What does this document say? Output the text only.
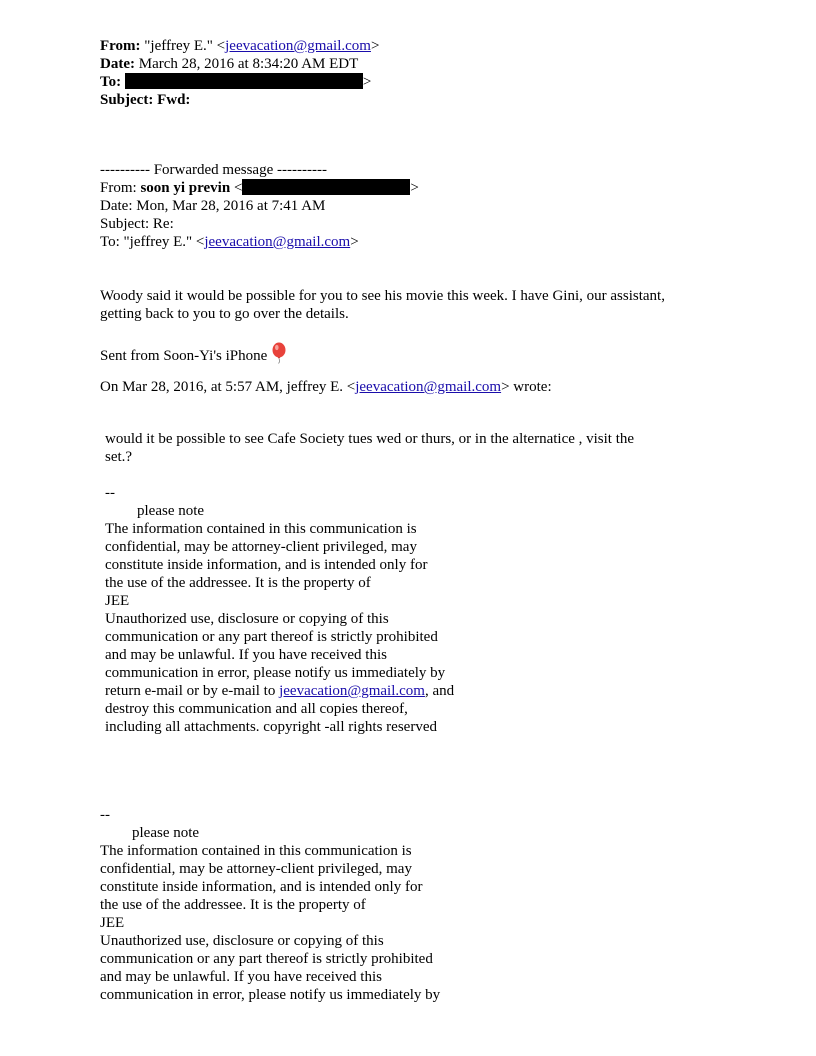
From: "jeffrey E." <jeevacation@gmail.com>
Date: March 28, 2016 at 8:34:20 AM EDT
To:	>
Subject: Fwd:
---------- Forwarded message ----------
From: soon yi previn <	>
Date: Mon, Mar 28, 2016 at 7:41 AM
Subject: Re:
To: "jeffrey E." <jeevacation@gmail.com>
Woody said it would be possible for you to see his movie this week. I have Gini, our assistant,
getting back to you to go over the details.
Sent from Soon-Yi's iPhone
On Mar 28, 2016, at 5:57 AM, jeffrey E. <jeevacation@gmail.com> wrote:
would it be possible to see Cafe Society tues wed or thurs, or in the alternatice , visit the
set.?
--
please note
The information contained in this communication is
confidential, may be attorney-client privileged, may
constitute inside information, and is intended only for
the use of the addressee. It is the property of
JEE
Unauthorized use, disclosure or copying of this
communication or any part thereof is strictly prohibited
and may be unlawful. If you have received this
communication in error, please notify us immediately by
return e-mail or by e-mail to jeevacation@gmail.com, and
destroy this communication and all copies thereof,
including all attachments. copyright -all rights reserved
--
please note
The information contained in this communication is
confidential, may be attorney-client privileged, may
constitute inside information, and is intended only for
the use of the addressee. It is the property of
JEE
Unauthorized use, disclosure or copying of this
communication or any part thereof is strictly prohibited
and may be unlawful. If you have received this
communication in error, please notify us immediately by
